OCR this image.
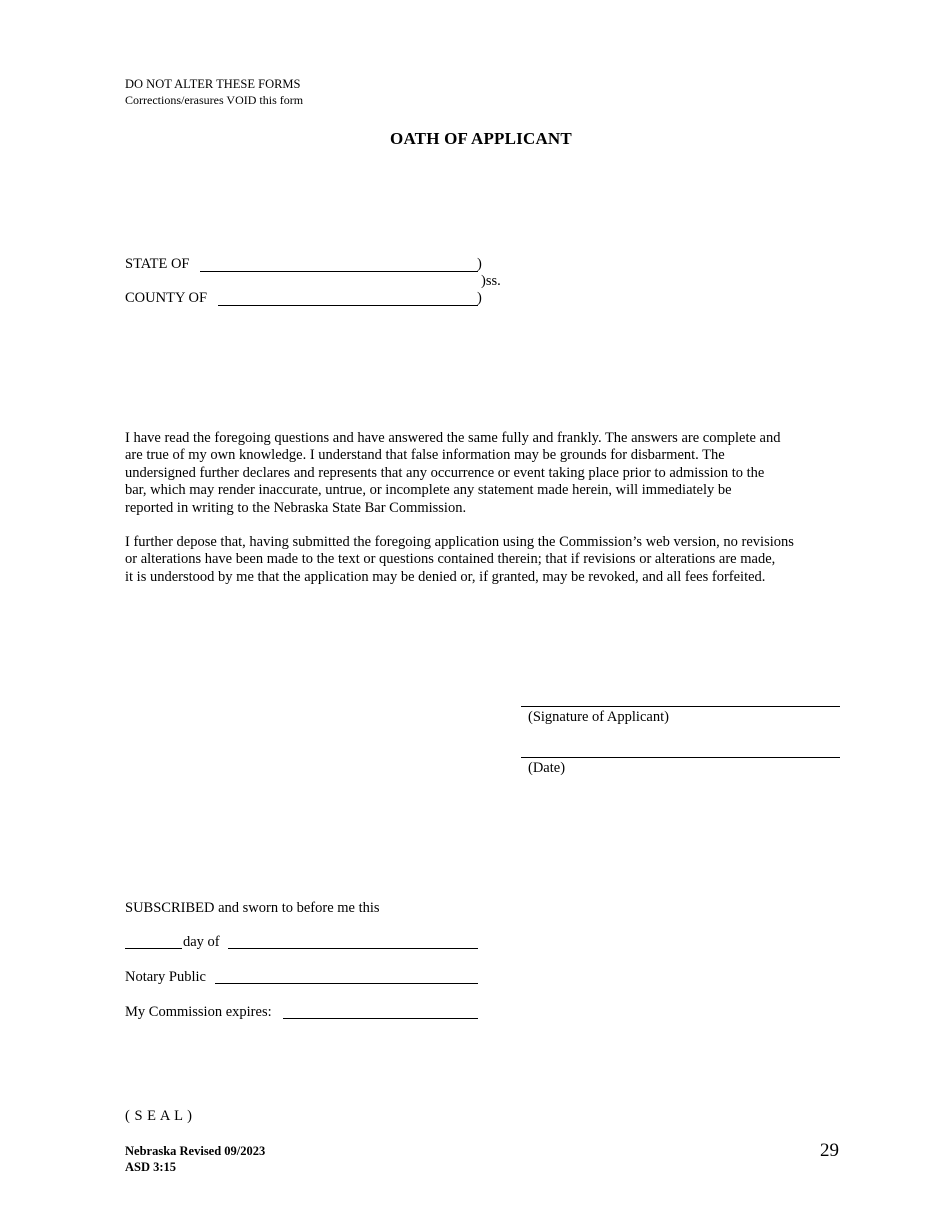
DO NOT ALTER THESE FORMS
Corrections/erasures VOID this form
OATH OF APPLICANT
STATE OF	)
)ss.
COUNTY OF	)
I have read the foregoing questions and have answered the same fully and frankly. The answers are complete and
are true of my own knowledge. I understand that false information may be grounds for disbarment. The
undersigned further declares and represents that any occurrence or event taking place prior to admission to the
bar, which may render inaccurate, untrue, or incomplete any statement made herein, will immediately be
reported in writing to the Nebraska State Bar Commission.
I further depose that, having submitted the foregoing application using the Commission’s web version, no revisions
or alterations have been made to the text or questions contained therein; that if revisions or alterations are made,
it is understood by me that the application may be denied or, if granted, may be revoked, and all fees forfeited.
(Signature of Applicant)
(Date)
SUBSCRIBED and sworn to before me this
day of
Notary Public
My Commission expires:
( S E A L )
Nebraska Revised 09/2023
ASD 3:15
29
